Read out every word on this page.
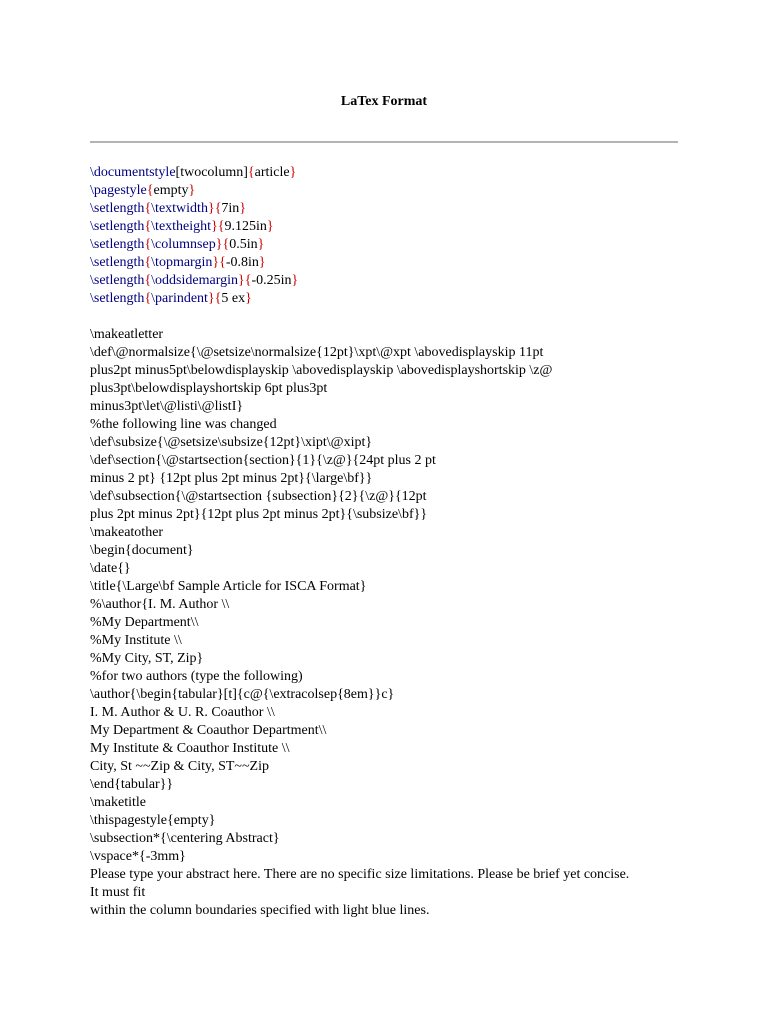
LaTex Format
\documentstyle[twocolumn]{article}
\pagestyle{empty}
\setlength{\textwidth}{7in}
\setlength{\textheight}{9.125in}
\setlength{\columnsep}{0.5in}
\setlength{\topmargin}{-0.8in}
\setlength{\oddsidemargin}{-0.25in}
\setlength{\parindent}{5 ex}
\makeatletter
\def\@normalsize{\@setsize\normalsize{12pt}\xpt\@xpt \abovedisplayskip 11pt
plus2pt minus5pt\belowdisplayskip \abovedisplayskip \abovedisplayshortskip \z@
plus3pt\belowdisplayshortskip 6pt plus3pt
minus3pt\let\@listi\@listI}
%the following line was changed
\def\subsize{\@setsize\subsize{12pt}\xipt\@xipt}
\def\section{\@startsection{section}{1}{\z@}{24pt plus 2 pt
minus 2 pt} {12pt plus 2pt minus 2pt}{\large\bf}}
\def\subsection{\@startsection {subsection}{2}{\z@}{12pt
plus 2pt minus 2pt}{12pt plus 2pt minus 2pt}{\subsize\bf}}
\makeatother
\begin{document}
\date{}
\title{\Large\bf Sample Article for ISCA Format}
%\author{I. M. Author \\
%My Department\\
%My Institute \\
%My City, ST, Zip}
%for two authors (type the following)
\author{\begin{tabular}[t]{c@{\extracolsep{8em}}c}
I. M. Author & U. R. Coauthor \\
My Department & Coauthor Department\\
My Institute & Coauthor Institute \\
City, St ~~Zip & City, ST~~Zip
\end{tabular}}
\maketitle
\thispagestyle{empty}
\subsection*{\centering Abstract}
\vspace*{-3mm}
Please type your abstract here. There are no specific size limitations. Please be brief yet concise.
It must fit
within the column boundaries specified with light blue lines.
